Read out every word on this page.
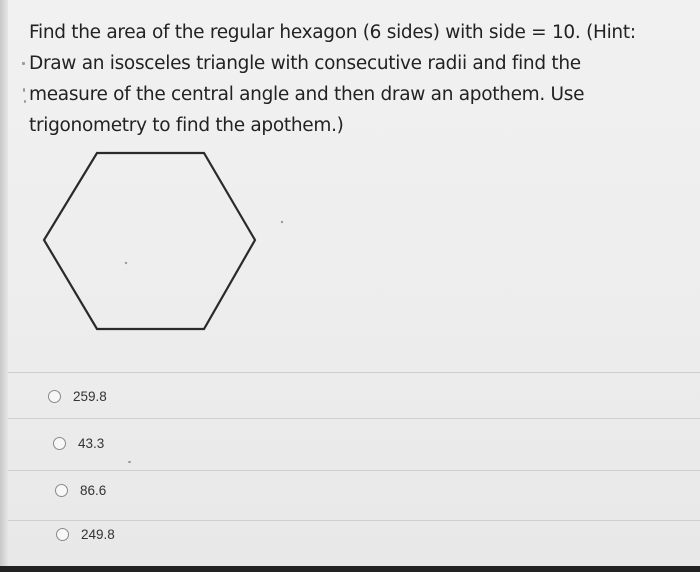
Find the area of the regular hexagon (6 sides) with side = 10. (Hint:
Draw an isosceles triangle with consecutive radii and find the
measure of the central angle and then draw an apothem. Use
trigonometry to find the apothem.)

259.8
43.3
86.6
249.8
